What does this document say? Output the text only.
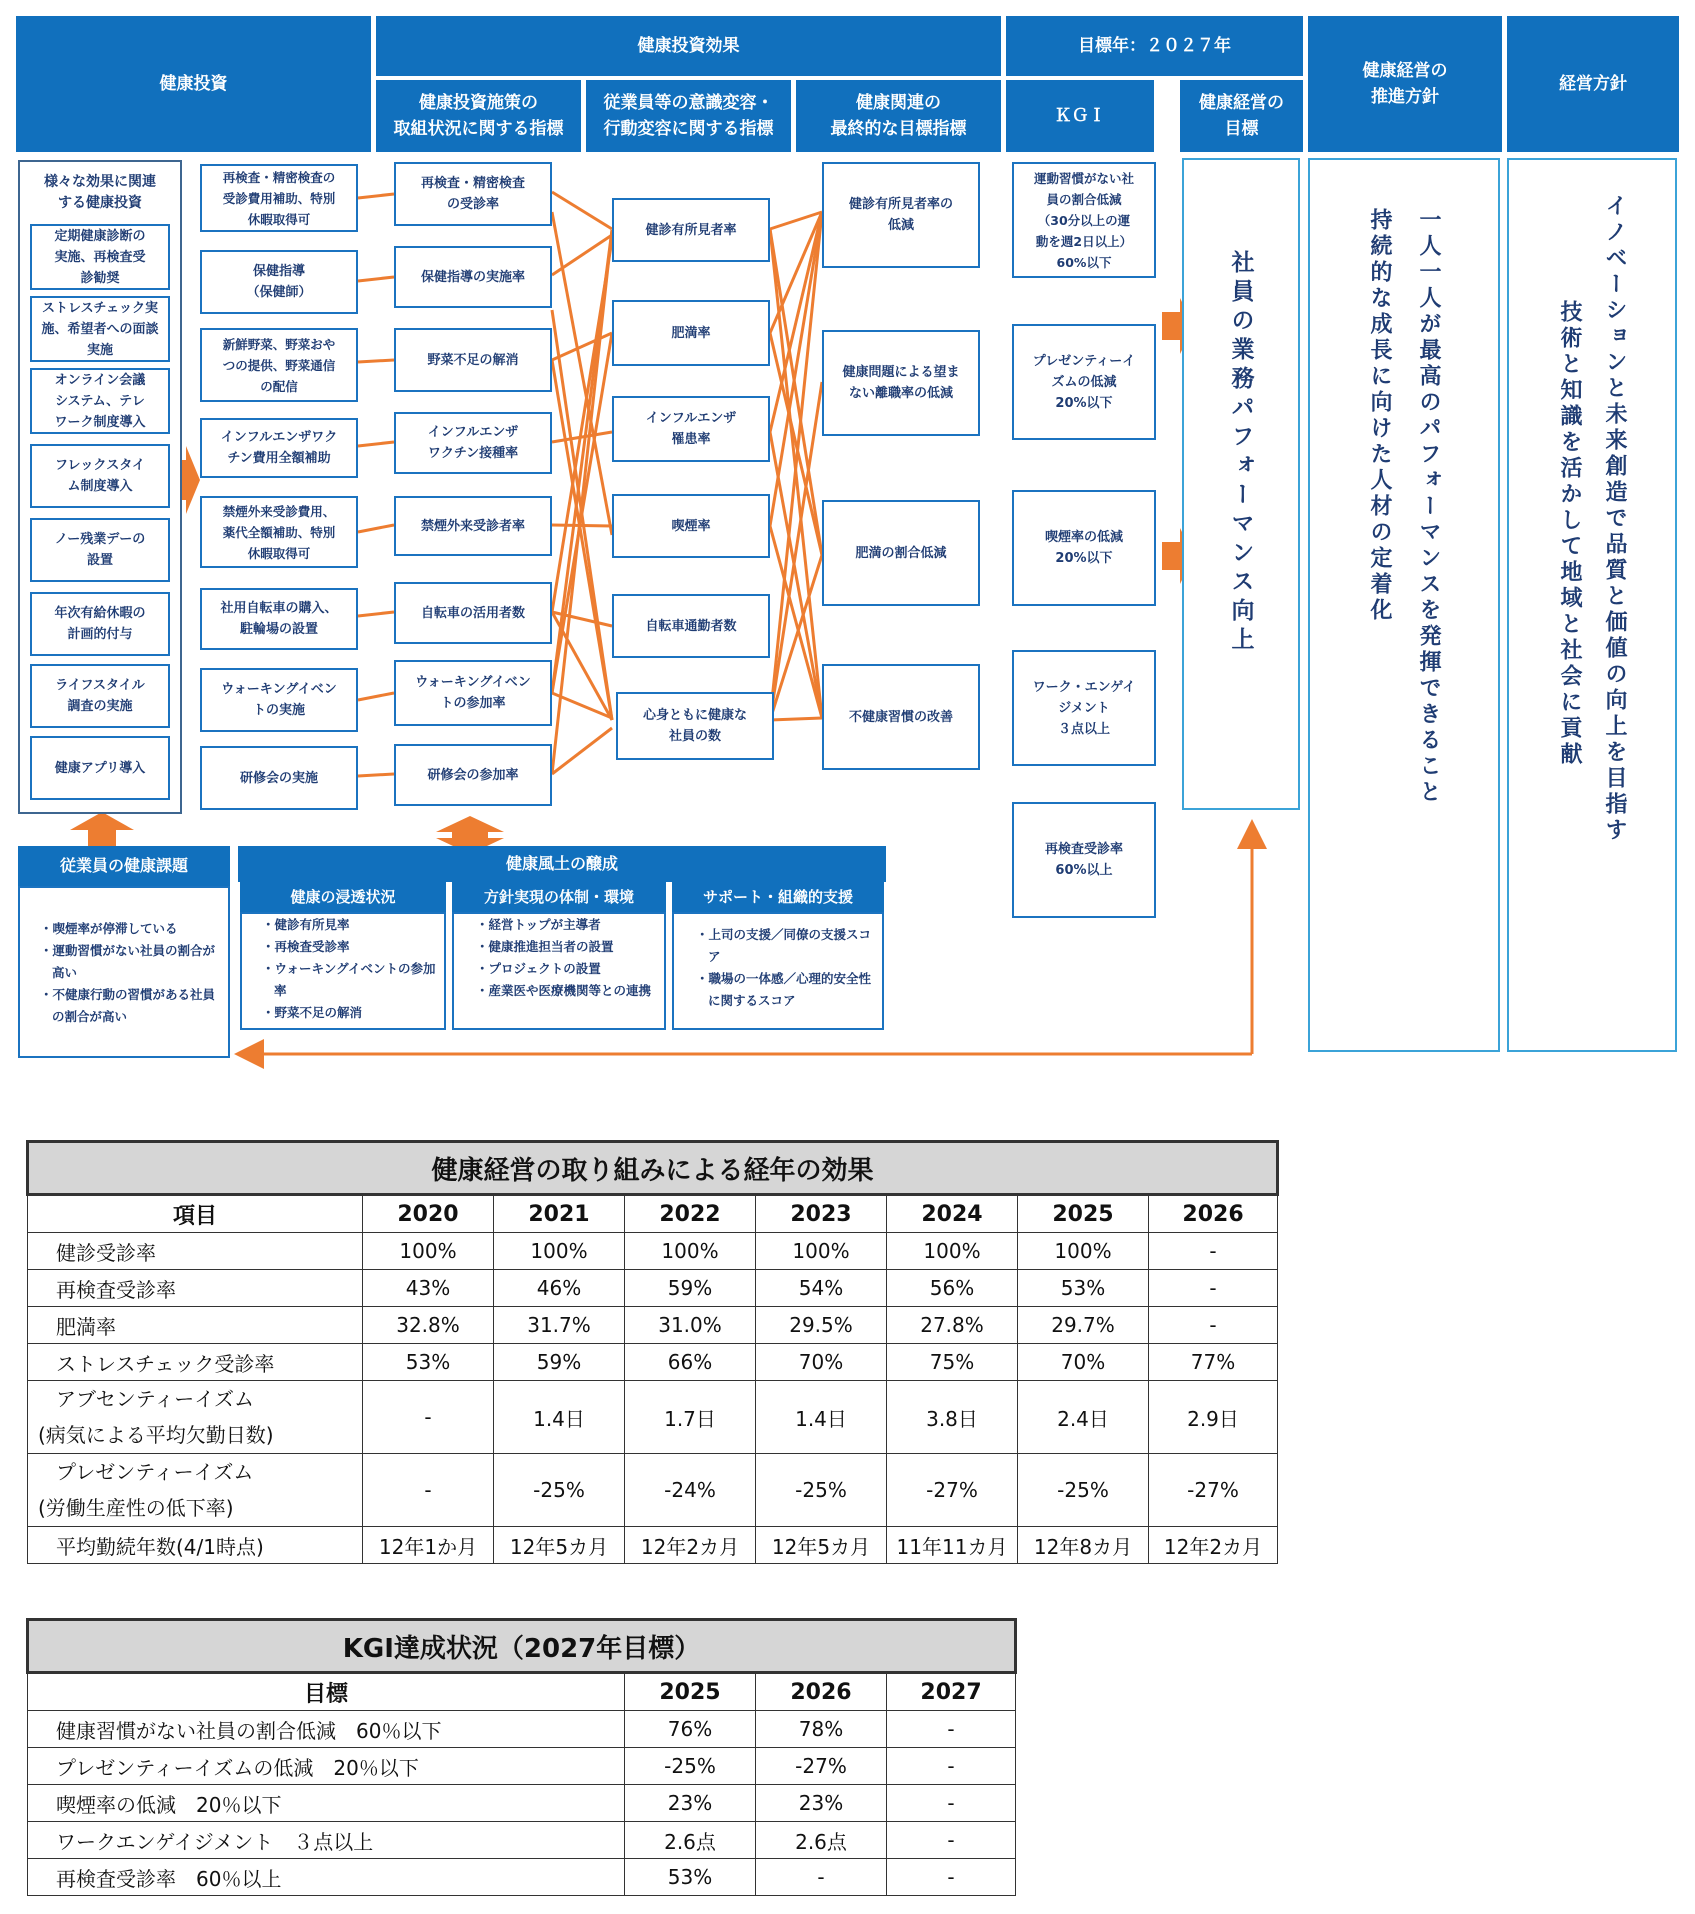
健康投資
健康投資効果	目標年：２０２７年
健康経営の
推進方針
経営方針
健康投資施策の
取組状況に関する指標
従業員等の意識変容・
行動変容に関する指標
健康関連の
最終的な目標指標
ＫＧＩ
健康経営の
目標
様々な効果に関連
する健康投資
定期健康診断の
実施、再検査受
診勧奨
ストレスチェック実
施、希望者への面談
実施
オンライン会議
システム、テレ
ワーク制度導入
フレックスタイ
ム制度導入
ノー残業デーの
設置
年次有給休暇の
計画的付与
ライフスタイル
調査の実施
健康アプリ導入
再検査・精密検査の
受診費用補助、特別
休暇取得可
保健指導
（保健師）
新鮮野菜、野菜おや
つの提供、野菜通信
の配信
インフルエンザワク
チン費用全額補助
禁煙外来受診費用、
薬代全額補助、特別
休暇取得可
社用自転車の購入、
駐輪場の設置
ウォーキングイベン
トの実施
研修会の実施
再検査・精密検査
の受診率
保健指導の実施率
野菜不足の解消
インフルエンザ
ワクチン接種率
禁煙外来受診者率
自転車の活用者数
ウォーキングイベン
トの参加率
研修会の参加率
健診有所見者率
肥満率
インフルエンザ
罹患率
喫煙率
自転車通勤者数
心身ともに健康な
社員の数
健診有所見者率の
低減
健康問題による望ま
ない離職率の低減
肥満の割合低減
不健康習慣の改善
運動習慣がない社
員の割合低減
（30分以上の運
動を週2日以上）
60%以下
プレゼンティーイ
ズムの低減
20%以下
喫煙率の低減
20%以下
ワーク・エンゲイ
ジメント
３点以上
再検査受診率
60%以上
社員の業務パフォーマンス向上	持続的な成長に向けた人材の定着化 一人一人が最高のパフォーマンスを発揮できること	技術と知識を活かして地域と社会に貢献 イノベーションと未来創造で品質と価値の向上を目指す
従業員の健康課題
・喫煙率が停滞している
・運動習慣がない社員の割合が高い
・不健康行動の習慣がある社員の割合が高い
健康風土の醸成
健康の浸透状況
・健診有所見率
・再検査受診率
・ウォーキングイベントの参加率
・野菜不足の解消
方針実現の体制・環境
・経営トップが主導者
・健康推進担当者の設置
・プロジェクトの設置
・産業医や医療機関等との連携
サポート・組織的支援
・上司の支援／同僚の支援スコア
・職場の一体感／心理的安全性に関するスコア
健康経営の取り組みによる経年の効果							
項目	2020	2021	2022	2023	2024	2025	2026
健診受診率	100%	100%	100%	100%	100%	100%	-
再検査受診率	43%	46%	59%	54%	56%	53%	-
肥満率	32.8%	31.7%	31.0%	29.5%	27.8%	29.7%	-
ストレスチェック受診率	53%	59%	66%	70%	75%	70%	77%

アブセンティーイズム
(病気による平均欠勤日数)	-	1.4日	1.7日	1.4日	3.8日	2.4日	2.9日

プレゼンティーイズム
(労働生産性の低下率)	-	-25%	-24%	-25%	-27%	-25%	-27%
平均勤続年数(4/1時点)	12年1か月	12年5カ月	12年2カ月	12年5カ月	11年11カ月	12年8カ月	12年2カ月
KGI達成状況（2027年目標）			
目標	2025	2026	2027
健康習慣がない社員の割合低減　60％以下	76%	78%	-
プレゼンティーイズムの低減　20％以下	-25%	-27%	-
喫煙率の低減　20％以下	23%	23%	-
ワークエンゲイジメント　３点以上	2.6点	2.6点	-
再検査受診率　60％以上	53%	-	-
